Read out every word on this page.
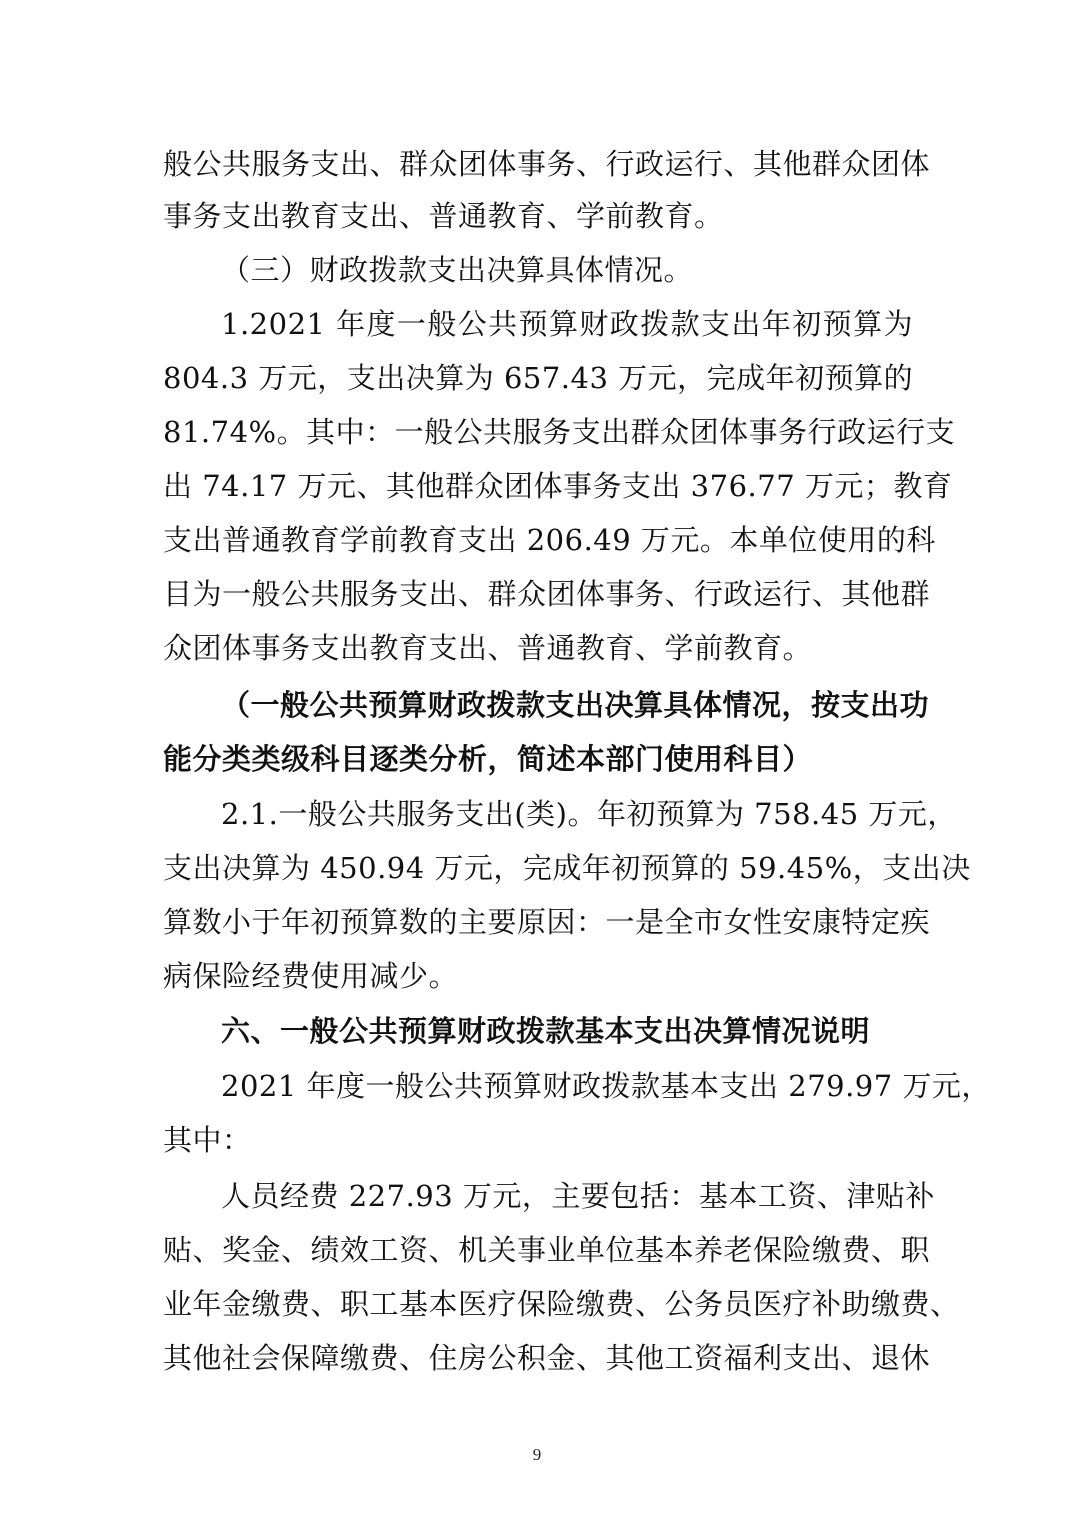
般公共服务支出、群众团体事务、行政运行、其他群众团体
事务支出教育支出、普通教育、学前教育。
（三）财政拨款支出决算具体情况。
1.2021 年度一般公共预算财政拨款支出年初预算为
804.3 万元，支出决算为 657.43 万元，完成年初预算的
81.74%。其中：一般公共服务支出群众团体事务行政运行支
出 74.17 万元、其他群众团体事务支出 376.77 万元；教育
支出普通教育学前教育支出 206.49 万元。本单位使用的科
目为一般公共服务支出、群众团体事务、行政运行、其他群
众团体事务支出教育支出、普通教育、学前教育。
（一般公共预算财政拨款支出决算具体情况，按支出功
能分类类级科目逐类分析，简述本部门使用科目）
2.1.一般公共服务支出(类)。年初预算为 758.45 万元，
支出决算为 450.94 万元，完成年初预算的 59.45%，支出决
算数小于年初预算数的主要原因：一是全市女性安康特定疾
病保险经费使用减少。
六、一般公共预算财政拨款基本支出决算情况说明
2021 年度一般公共预算财政拨款基本支出 279.97 万元，
其中：
人员经费 227.93 万元，主要包括：基本工资、津贴补
贴、奖金、绩效工资、机关事业单位基本养老保险缴费、职
业年金缴费、职工基本医疗保险缴费、公务员医疗补助缴费、
其他社会保障缴费、住房公积金、其他工资福利支出、退休
9
